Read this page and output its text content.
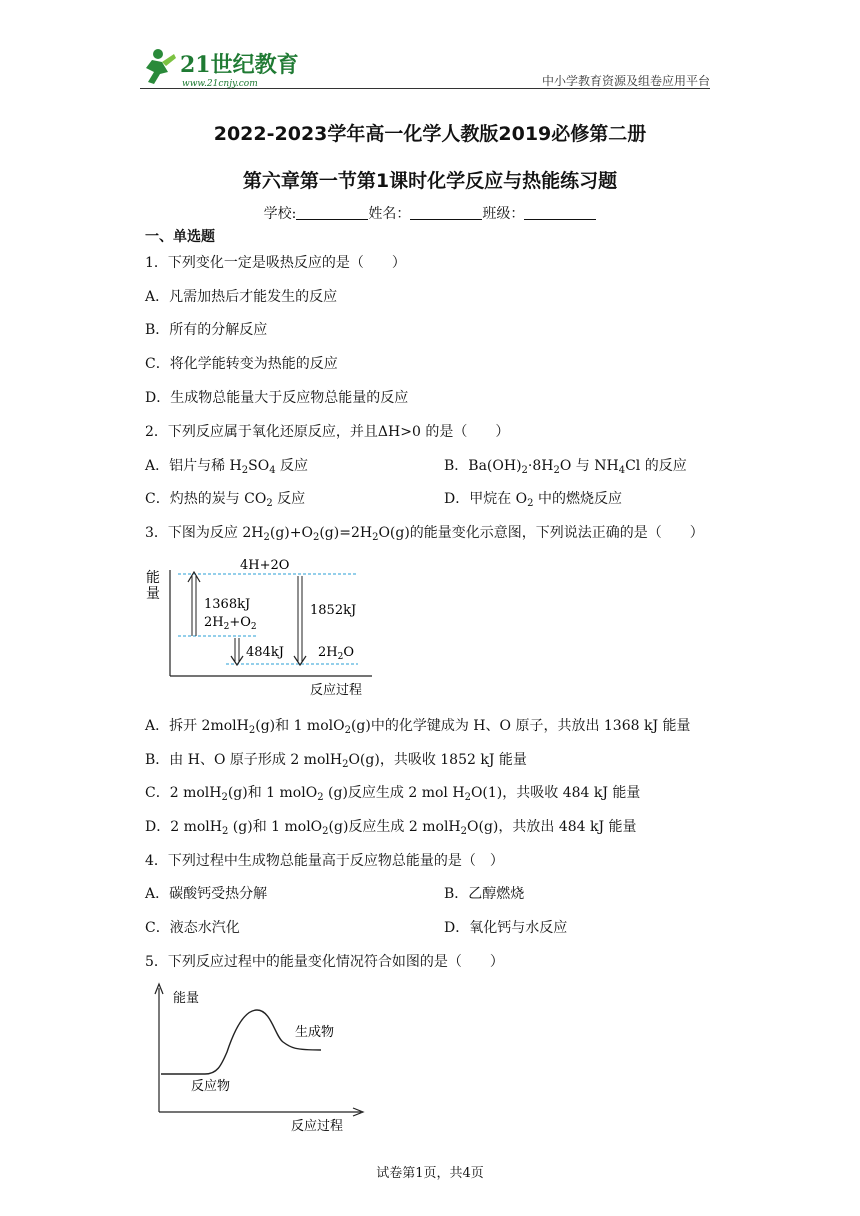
21世纪教育
www.21cnjy.com	中小学教育资源及组卷应用平台
2022-2023学年高一化学人教版2019必修第二册
第六章第一节第1课时化学反应与热能练习题
学校:	姓名：	班级：
一、单选题
1．下列变化一定是吸热反应的是（　　）
A．凡需加热后才能发生的反应
B．所有的分解反应
C．将化学能转变为热能的反应
D．生成物总能量大于反应物总能量的反应
2．下列反应属于氧化还原反应，并且ΔH>0 的是（　　）
A．铝片与稀 $H_2SO_4$ 反应	B．$Ba(OH)_2\cdot 8H_2O$ 与 $NH_4Cl$ 的反应
C．灼热的炭与 $CO_2$ 反应	D．甲烷在 $O_2$ 中的燃烧反应
3．下图为反应 $2H_2(g)+O_2(g)=2H_2O(g)$的能量变化示意图，下列说法正确的是（　　）
能
量
4H+2O
1368kJ
$2H_2+O_2$
484kJ
1852kJ
$2H_2O$
反应过程
A．拆开 2molH$_2$(g)和 1 molO$_2$(g)中的化学键成为 H、O 原子，共放出 1368 kJ 能量
B．由 H、O 原子形成 2 molH$_2$O(g)，共吸收 1852 kJ 能量
C．2 molH$_2$(g)和 1 molO$_2$ (g)反应生成 2 mol $H_2O(1)$，共吸收 484 kJ 能量
D．2 molH$_2$ (g)和 1 molO$_2$(g)反应生成 2 molH$_2$O(g)，共放出 484 kJ 能量
4．下列过程中生成物总能量高于反应物总能量的是（　）
A．碳酸钙受热分解	B．乙醇燃烧
C．液态水汽化	D．氧化钙与水反应
5．下列反应过程中的能量变化情况符合如图的是（　　）
能量
生成物
反应物
反应过程
试卷第1页，共4页
